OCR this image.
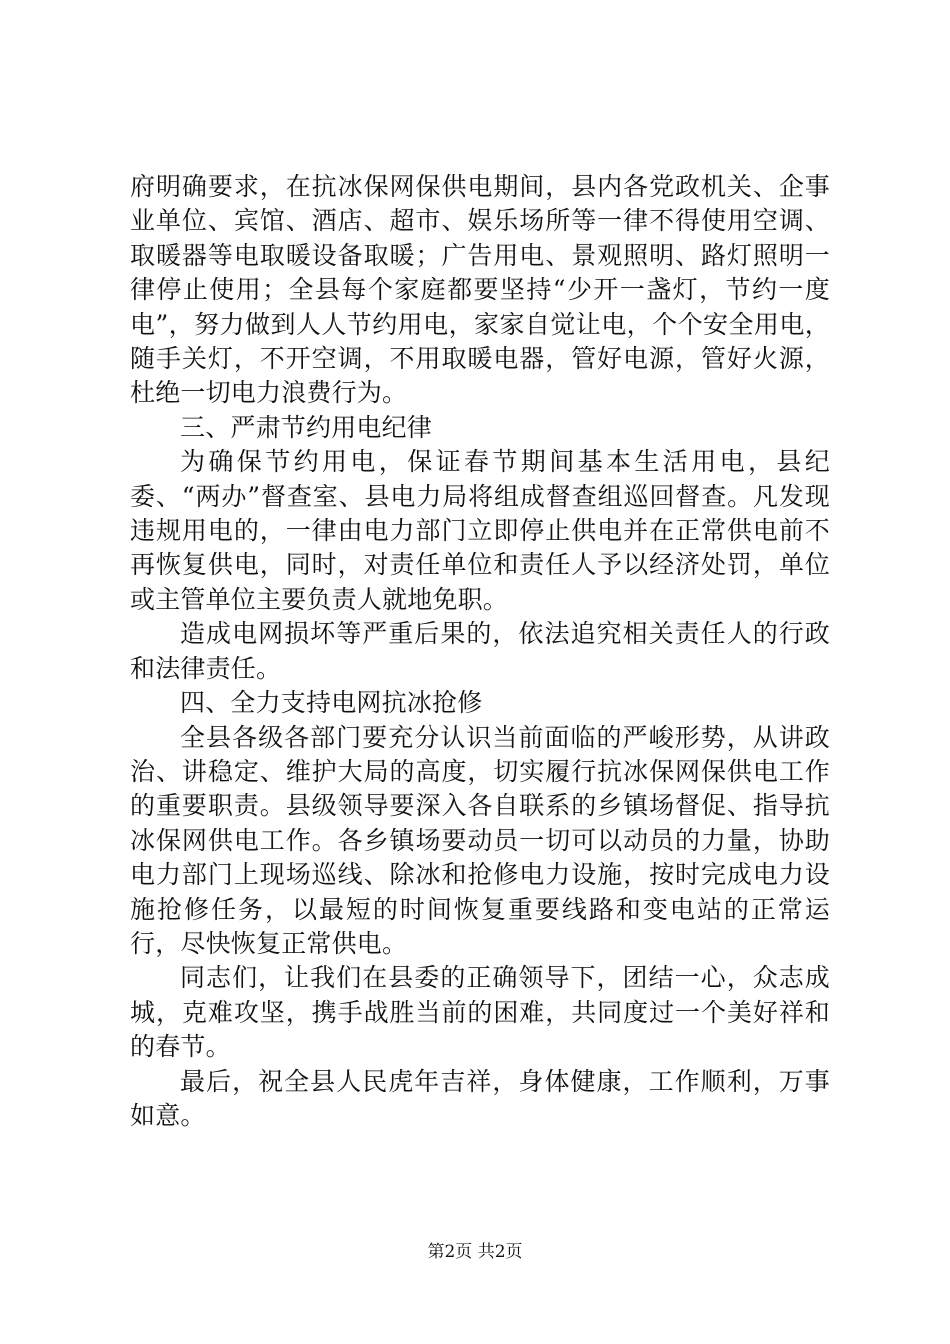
府明确要求，在抗冰保网保供电期间，县内各党政机关、企事业单位、宾馆、酒店、超市、娱乐场所等一律不得使用空调、取暖器等电取暖设备取暖；广告用电、景观照明、路灯照明一律停止使用；全县每个家庭都要坚持“少开一盏灯，节约一度电”，努力做到人人节约用电，家家自觉让电，个个安全用电，随手关灯，不开空调，不用取暖电器，管好电源，管好火源，杜绝一切电力浪费行为。

三、严肃节约用电纪律

为确保节约用电，保证春节期间基本生活用电，县纪委、“两办”督查室、县电力局将组成督查组巡回督查。凡发现违规用电的，一律由电力部门立即停止供电并在正常供电前不再恢复供电，同时，对责任单位和责任人予以经济处罚，单位或主管单位主要负责人就地免职。

造成电网损坏等严重后果的，依法追究相关责任人的行政和法律责任。

四、全力支持电网抗冰抢修

全县各级各部门要充分认识当前面临的严峻形势，从讲政治、讲稳定、维护大局的高度，切实履行抗冰保网保供电工作的重要职责。县级领导要深入各自联系的乡镇场督促、指导抗冰保网供电工作。各乡镇场要动员一切可以动员的力量，协助电力部门上现场巡线、除冰和抢修电力设施，按时完成电力设施抢修任务，以最短的时间恢复重要线路和变电站的正常运行，尽快恢复正常供电。

同志们，让我们在县委的正确领导下，团结一心，众志成城，克难攻坚，携手战胜当前的困难，共同度过一个美好祥和的春节。

最后，祝全县人民虎年吉祥，身体健康，工作顺利，万事如意。

第2页 共2页
